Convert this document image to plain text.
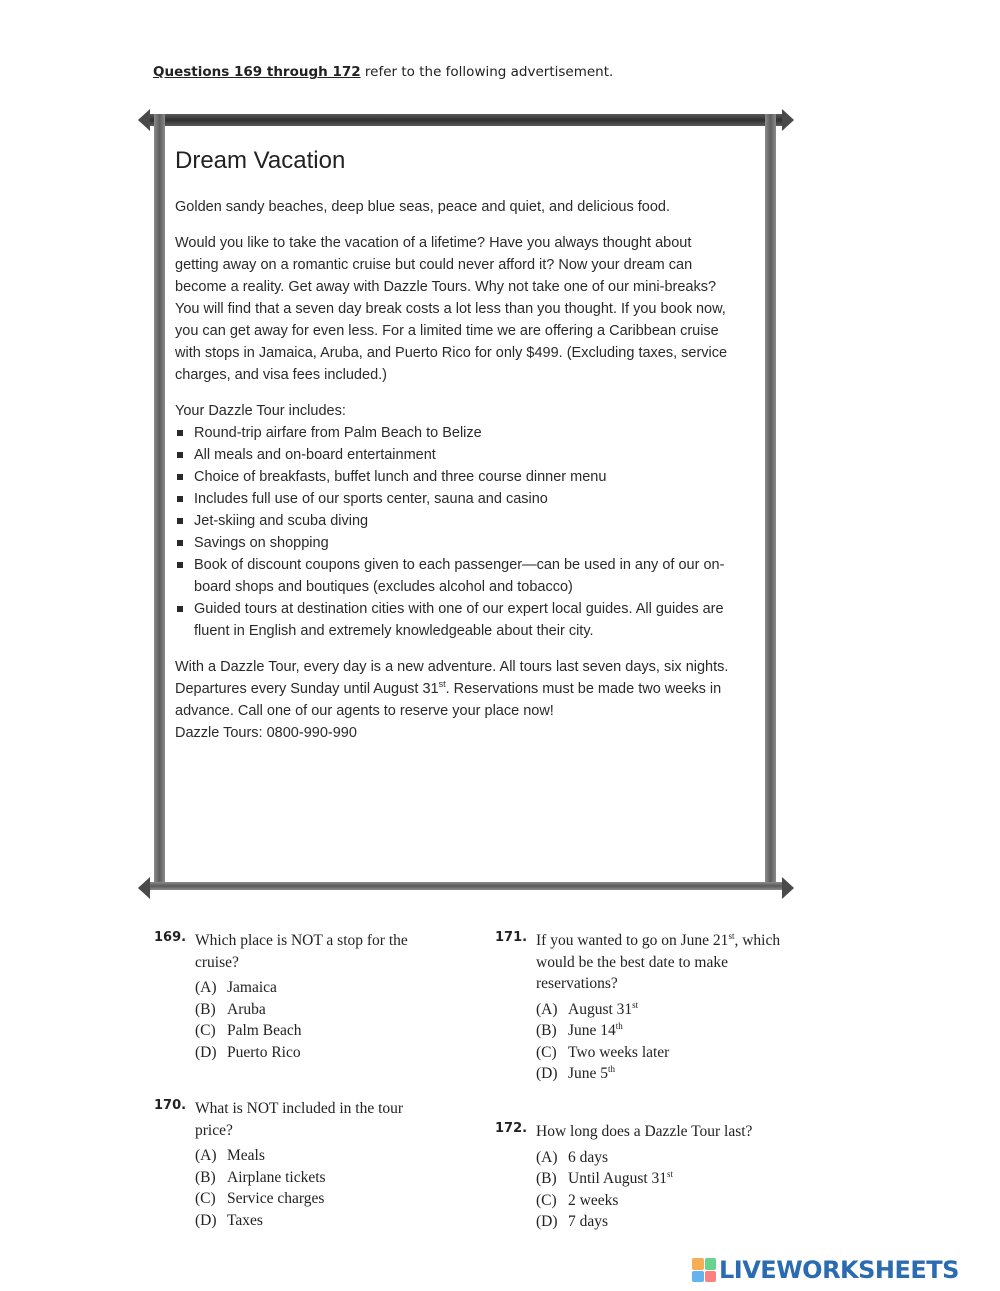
Questions 169 through 172 refer to the following advertisement.
Dream Vacation

Golden sandy beaches, deep blue seas, peace and quiet, and delicious food.

Would you like to take the vacation of a lifetime? Have you always thought about getting away on a romantic cruise but could never afford it? Now your dream can become a reality. Get away with Dazzle Tours. Why not take one of our mini-breaks? You will find that a seven day break costs a lot less than you thought. If you book now, you can get away for even less. For a limited time we are offering a Caribbean cruise with stops in Jamaica, Aruba, and Puerto Rico for only $499. (Excluding taxes, service charges, and visa fees included.)

Your Dazzle Tour includes:

Round-trip airfare from Palm Beach to Belize
All meals and on-board entertainment
Choice of breakfasts, buffet lunch and three course dinner menu
Includes full use of our sports center, sauna and casino
Jet-skiing and scuba diving
Savings on shopping
Book of discount coupons given to each passenger—can be used in any of our on-board shops and boutiques (excludes alcohol and tobacco)
Guided tours at destination cities with one of our expert local guides. All guides are fluent in English and extremely knowledgeable about their city.

With a Dazzle Tour, every day is a new adventure. All tours last seven days, six nights. Departures every Sunday until August 31st. Reservations must be made two weeks in advance. Call one of our agents to reserve your place now!

Dazzle Tours: 0800-990-990

169. Which place is NOT a stop for the cruise?
(A) Jamaica
(B) Aruba
(C) Palm Beach
(D) Puerto Rico
170. What is NOT included in the tour price?
(A) Meals
(B) Airplane tickets
(C) Service charges
(D) Taxes
171. If you wanted to go on June 21st, which would be the best date to make reservations?
(A) August 31st
(B) June 14th
(C) Two weeks later
(D) June 5th
172. How long does a Dazzle Tour last?
(A) 6 days
(B) Until August 31st
(C) 2 weeks
(D) 7 days
LIVEWORKSHEETS
